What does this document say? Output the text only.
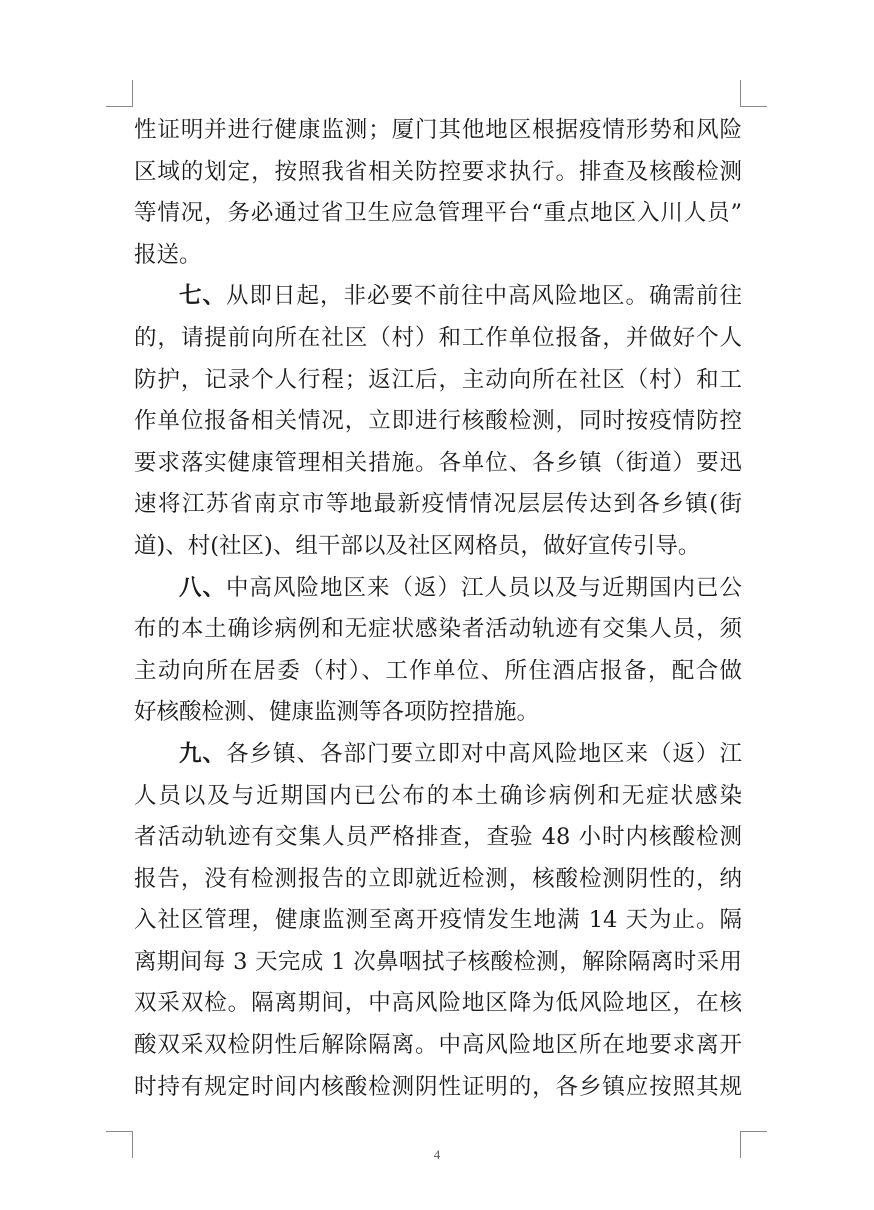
性证明并进行健康监测；厦门其他地区根据疫情形势和风险
区域的划定，按照我省相关防控要求执行。排查及核酸检测
等情况，务必通过省卫生应急管理平台“重点地区入川人员”
报送。
七、从即日起，非必要不前往中高风险地区。确需前往
的，请提前向所在社区（村）和工作单位报备，并做好个人
防护，记录个人行程；返江后，主动向所在社区（村）和工
作单位报备相关情况，立即进行核酸检测，同时按疫情防控
要求落实健康管理相关措施。各单位、各乡镇（街道）要迅
速将江苏省南京市等地最新疫情情况层层传达到各乡镇(街
道)、村(社区)、组干部以及社区网格员，做好宣传引导。
八、中高风险地区来（返）江人员以及与近期国内已公
布的本土确诊病例和无症状感染者活动轨迹有交集人员，须
主动向所在居委（村）、工作单位、所住酒店报备，配合做
好核酸检测、健康监测等各项防控措施。
九、各乡镇、各部门要立即对中高风险地区来（返）江
人员以及与近期国内已公布的本土确诊病例和无症状感染
者活动轨迹有交集人员严格排查，查验 48 小时内核酸检测
报告，没有检测报告的立即就近检测，核酸检测阴性的，纳
入社区管理，健康监测至离开疫情发生地满 14 天为止。隔
离期间每 3 天完成 1 次鼻咽拭子核酸检测，解除隔离时采用
双采双检。隔离期间，中高风险地区降为低风险地区，在核
酸双采双检阴性后解除隔离。中高风险地区所在地要求离开
时持有规定时间内核酸检测阴性证明的，各乡镇应按照其规
4
